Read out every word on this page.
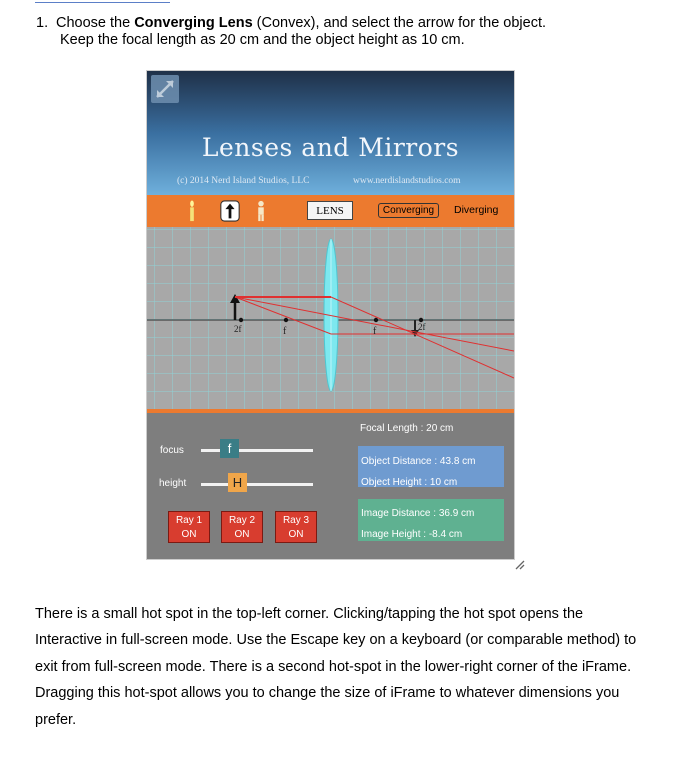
1. Choose the Converging Lens (Convex), and select the arrow for the object.
Keep the focal length as 20 cm and the object height as 10 cm.
Lenses and Mirrors
(c) 2014 Nerd Island Studios, LLC	www.nerdislandstudios.com
LENS	Converging	Diverging
2f	f	f	2f
focus	f
height	H
Ray 1
ON
Ray 2
ON
Ray 3
ON
Focal Length : 20 cm
Object Distance : 43.8 cm
Object Height : 10 cm
Image Distance : 36.9 cm
Image Height : -8.4 cm
There is a small hot spot in the top-left corner. Clicking/tapping the hot spot opens the Interactive in full-screen mode. Use the Escape key on a keyboard (or comparable method) to exit from full-screen mode. There is a second hot-spot in the lower-right corner of the iFrame. Dragging this hot-spot allows you to change the size of iFrame to whatever dimensions you prefer.
